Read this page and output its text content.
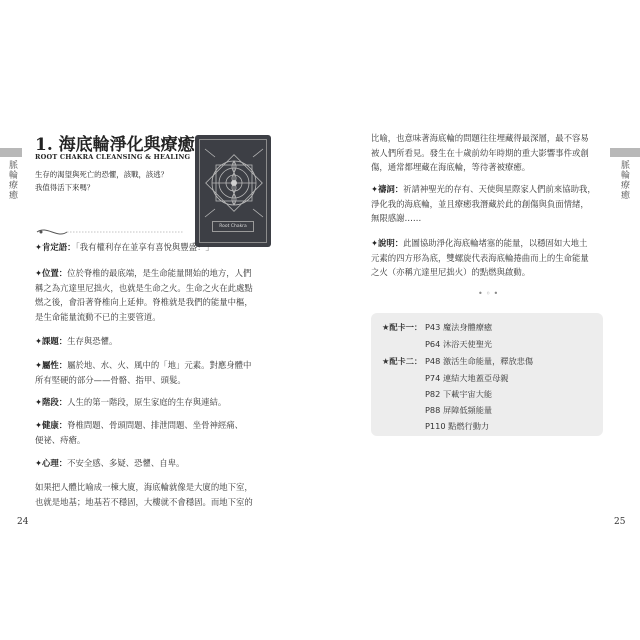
脈輪療癒	脈輪療癒
1. 海底輪淨化與療癒
ROOT CHAKRA CLEANSING & HEALING
生存的渴望與死亡的恐懼，該戰，該逃？
我值得活下來嗎？
Root Chakra
✦肯定語：「我有權利存在並享有喜悅與豐盛！」
✦位置：位於脊椎的最底端，是生命能量開始的地方，人們
稱之為亢達里尼拙火，也就是生命之火。生命之火在此處點
燃之後，會沿著脊椎向上延伸。脊椎就是我們的能量中樞，
是生命能量流動不已的主要管道。
✦課題：生存與恐懼。
✦屬性：屬於地、水、火、風中的「地」元素。對應身體中
所有堅硬的部分——骨骼、指甲、頭髮。
✦階段：人生的第一階段，原生家庭的生存與連結。
✦健康：脊椎問題、骨頭問題、排泄問題、坐骨神經痛、
便祕、痔瘡。
✦心理：不安全感、多疑、恐懼、自卑。
如果把人體比喻成一棟大廈，海底輪就像是大廈的地下室，
也就是地基；地基若不穩固，大樓就不會穩固。而地下室的
24
比喻，也意味著海底輪的問題往往埋藏得最深層，最不容易
被人們所看見。發生在十歲前幼年時期的重大影響事件或創
傷，通常都埋藏在海底輪，等待著被療癒。
✦禱詞：祈請神聖光的存有、天使與星際家人們前來協助我，
淨化我的海底輪，並且療癒我潛藏於此的創傷與負面情緒，
無限感謝……
✦說明：此圖協助淨化海底輪堵塞的能量，以穩固如大地土
元素的四方形為底，雙螺旋代表海底輪捲曲而上的生命能量
之火（亦稱亢達里尼拙火）的點燃與啟動。
•◦•
★配卡一： P43 魔法身體療癒
P64 沐浴天使聖光
★配卡二： P48 激活生命能量，釋放悲傷
P74 連結大地蓋亞母親
P82 下載宇宙大能
P88 屏障低頻能量
P110 點燃行動力
25
